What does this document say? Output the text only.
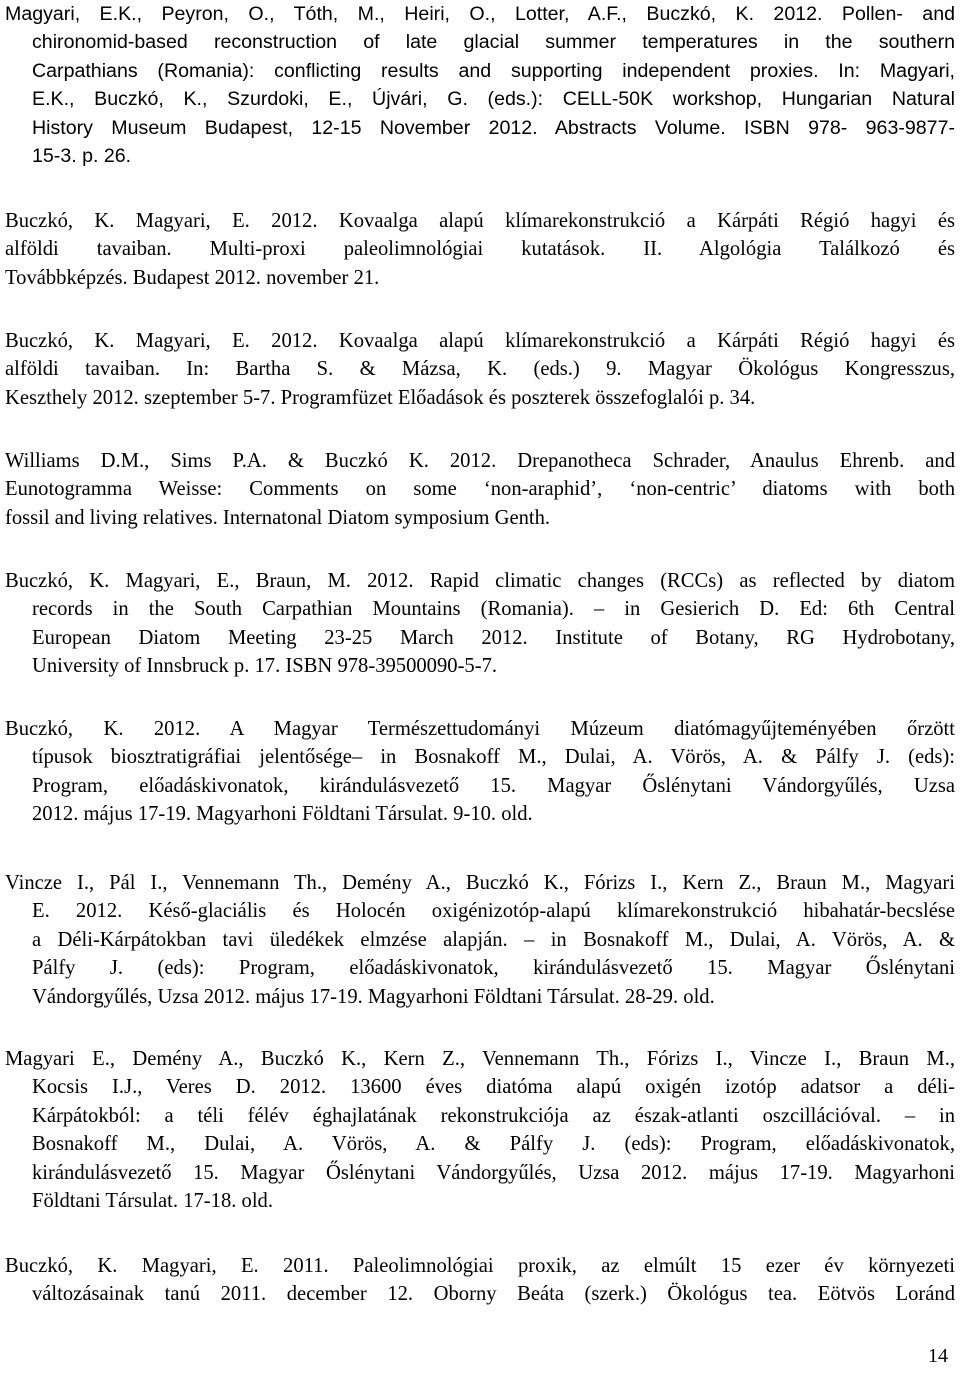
Magyari, E.K., Peyron, O., Tóth, M., Heiri, O., Lotter, A.F., Buczkó, K. 2012. Pollen- and
chironomid-based reconstruction of late glacial summer temperatures in the southern
Carpathians (Romania): conflicting results and supporting independent proxies. In: Magyari,
E.K., Buczkó, K., Szurdoki, E., Újvári, G. (eds.): CELL-50K workshop, Hungarian Natural
History Museum Budapest, 12-15 November 2012. Abstracts Volume. ISBN 978- 963-9877-
15-3. p. 26.
Buczkó, K. Magyari, E. 2012. Kovaalga alapú klímarekonstrukció a Kárpáti Régió hagyi és
alföldi tavaiban. Multi-proxi paleolimnológiai kutatások. II. Algológia Találkozó és
Továbbképzés. Budapest 2012. november 21.
Buczkó, K. Magyari, E. 2012. Kovaalga alapú klímarekonstrukció a Kárpáti Régió hagyi és
alföldi tavaiban. In: Bartha S. & Mázsa, K. (eds.) 9. Magyar Ökológus Kongresszus,
Keszthely 2012. szeptember 5-7. Programfüzet Előadások és poszterek összefoglalói p. 34.
Williams D.M., Sims P.A. & Buczkó K. 2012. Drepanotheca Schrader, Anaulus Ehrenb. and
Eunotogramma Weisse: Comments on some ‘non-araphid’, ‘non-centric’ diatoms with both
fossil and living relatives. Internatonal Diatom symposium Genth.
Buczkó, K. Magyari, E., Braun, M. 2012. Rapid climatic changes (RCCs) as reflected by diatom
records in the South Carpathian Mountains (Romania). – in Gesierich D. Ed: 6th Central
European Diatom Meeting 23-25 March 2012. Institute of Botany, RG Hydrobotany,
University of Innsbruck p. 17. ISBN 978-39500090-5-7.
Buczkó, K. 2012. A Magyar Természettudományi Múzeum diatómagyűjteményében őrzött
típusok biosztratigráfiai jelentősége– in Bosnakoff M., Dulai, A. Vörös, A. & Pálfy J. (eds):
Program, előadáskivonatok, kirándulásvezető 15. Magyar Őslénytani Vándorgyűlés, Uzsa
2012. május 17-19. Magyarhoni Földtani Társulat. 9-10. old.
Vincze I., Pál I., Vennemann Th., Demény A., Buczkó K., Fórizs I., Kern Z., Braun M., Magyari
E. 2012. Késő-glaciális és Holocén oxigénizotóp-alapú klímarekonstrukció hibahatár-becslése
a Déli-Kárpátokban tavi üledékek elmzése alapján. – in Bosnakoff M., Dulai, A. Vörös, A. &
Pálfy J. (eds): Program, előadáskivonatok, kirándulásvezető 15. Magyar Őslénytani
Vándorgyűlés, Uzsa 2012. május 17-19. Magyarhoni Földtani Társulat. 28-29. old.
Magyari E., Demény A., Buczkó K., Kern Z., Vennemann Th., Fórizs I., Vincze I., Braun M.,
Kocsis I.J., Veres D. 2012. 13600 éves diatóma alapú oxigén izotóp adatsor a déli-
Kárpátokból: a téli félév éghajlatának rekonstrukciója az észak-atlanti oszcillációval. – in
Bosnakoff M., Dulai, A. Vörös, A. & Pálfy J. (eds): Program, előadáskivonatok,
kirándulásvezető 15. Magyar Őslénytani Vándorgyűlés, Uzsa 2012. május 17-19. Magyarhoni
Földtani Társulat. 17-18. old.
Buczkó, K. Magyari, E. 2011. Paleolimnológiai proxik, az elmúlt 15 ezer év környezeti
változásainak tanú 2011. december 12. Oborny Beáta (szerk.) Ökológus tea. Eötvös Loránd
14
